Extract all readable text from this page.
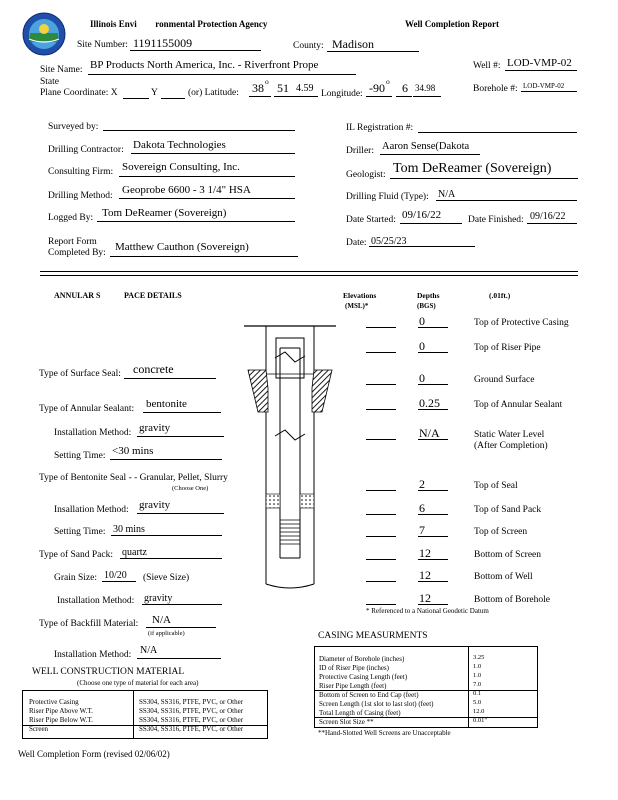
Illinois Envi ronmental Protection Agency	Well Completion Report
Site Number: 1191155009	County: Madison
Site Name: BP Products North America, Inc. - Riverfront Prope	Well #: LOD-VMP-02
State
Plane Coordinate: X	Y	(or) Latitude: 38 o 51 4.59 Longitude: -90 o 6 34.98	Borehole #: LOD-VMP-02
Surveyed by:	IL Registration #:
Drilling Contractor: Dakota Technologies	Driller: Aaron Sense(Dakota
Consulting Firm: Sovereign Consulting, Inc.
Geologist: Tom DeReamer (Sovereign)
Drilling Method: Geoprobe 6600 - 3 1/4" HSA
Drilling Fluid (Type): N/A
Logged By: Tom DeReamer (Sovereign)
Date Started: 09/16/22	Date Finished: 09/16/22
Report Form
Completed By: Matthew Cauthon (Sovereign)	Date: 05/25/23
ANNULAR S	PACE DETAILS	Elevations
(MSL)*
Depths
(BGS)
(.01ft.)
Type of Surface Seal: concrete
Type of Annular Sealant: bentonite
Installation Method: gravity
Setting Time: <30 mins
Type of Bentonite Seal - - Granular, Pellet, Slurry
(Choose One)
Insallation Method: gravity
Setting Time: 30 mins
Type of Sand Pack: quartz
Grain Size: 10/20	(Sieve Size)
Installation Method: gravity
Type of Backfill Material: N/A
(if applicable)
Installation Method: N/A
0	Top of Protective Casing
0	Top of Riser Pipe
0	Ground Surface
0.25	Top of Annular Sealant
N/A	Static Water Level
(After Completion)
2	Top of Seal
6	Top of Sand Pack
7	Top of Screen
12	Bottom of Screen
12	Bottom of Well
12	Bottom of Borehole
* Referenced to a National Geodetic Datum
CASING MEASURMENTS
Diameter of Borehole (inches)	3.25
ID of Riser Pipe (inches)	1.0
Protective Casing Length (feet)	1.0
Riser Pipe Length (feet)	7.0
Bottom of Screen to End Cap (feet)	0.1
Screen Length (1st slot to last slot) (feet)	5.0
Total Length of Casing (feet)	12.0
Screen Slot Size **	0.01"
**Hand-Slotted Well Screens are Unacceptable
WELL CONSTRUCTION MATERIAL
(Choose one type of material for each area)
Protective Casing	SS304, SS316, PTFE, PVC, or Other
Riser Pipe Above W.T.	SS304, SS316, PTFE, PVC, or Other
Riser Pipe Below W.T.	SS304, SS316, PTFE, PVC, or Other
Screen	SS304, SS316, PTFE, PVC, or Other
Well Completion Form (revised 02/06/02)
